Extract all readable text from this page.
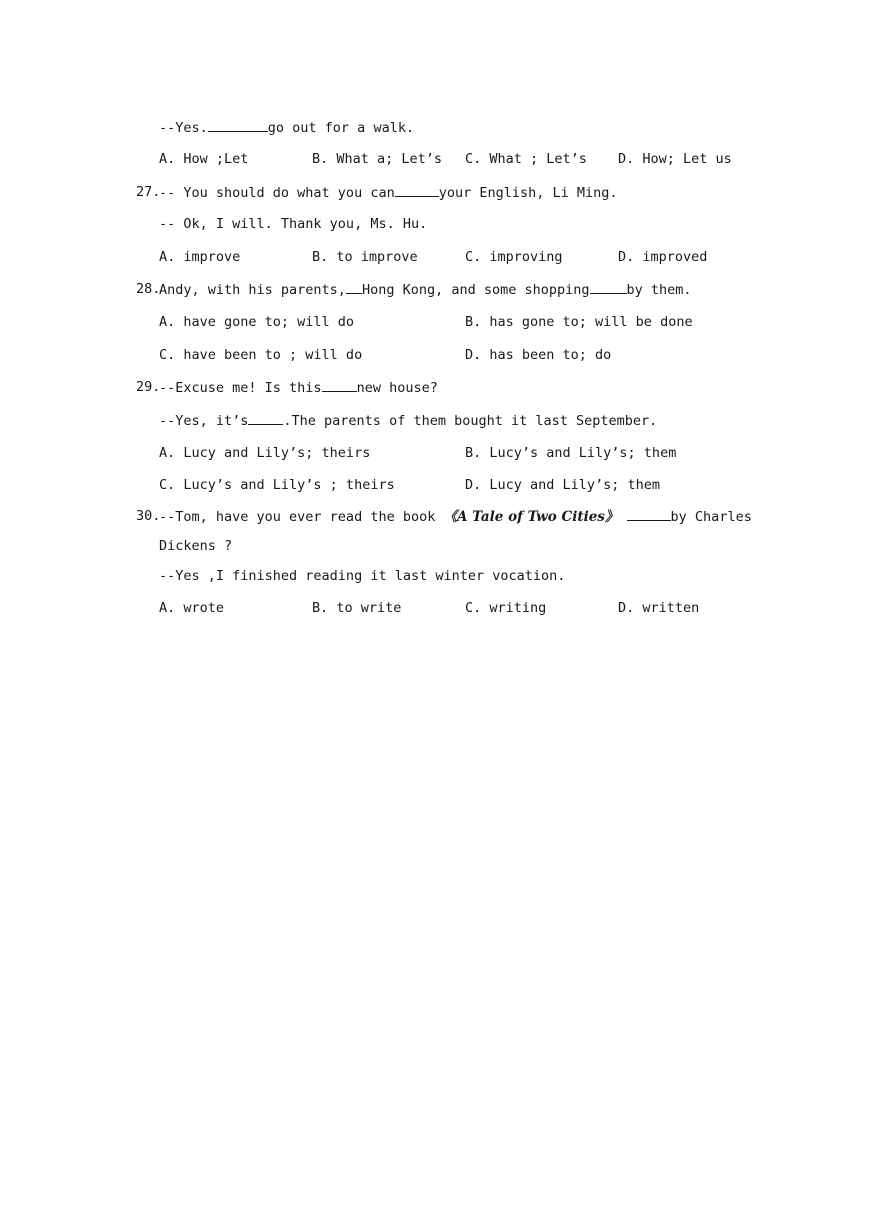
--Yes.	go out for a walk.
A. How ;Let	B. What a; Let’s C. What ; Let’s D. How; Let us
27.
-- You should do what you can	your English, Li Ming.
-- Ok, I will. Thank you, Ms. Hu.
A. improve	B. to improve	C. improving	D. improved
28.
Andy, with his parents, Hong Kong, and some shopping	by them.
A. have gone to; will do	B. has gone to; will be done
C. have been to ; will do	D. has been to; do
29.
--Excuse me! Is this	new house?
--Yes, it’s	.The parents of them bought it last September.
A. Lucy and Lily’s; theirs	B. Lucy’s and Lily’s; them
C. Lucy’s and Lily’s ; theirs	D. Lucy and Lily’s; them
30.
--Tom, have you ever read the book 《A Tale of Two Cities》	by Charles
Dickens ?
--Yes ,I finished reading it last winter vocation.
A. wrote	B. to write	C. writing	D. written
